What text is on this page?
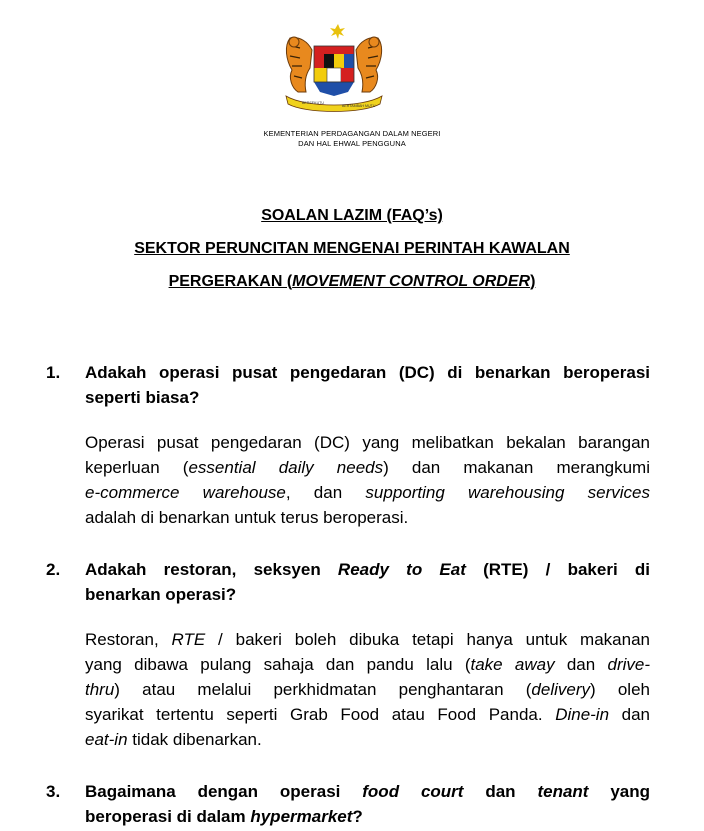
BERSEKUTU
BERTAMBAH MUTU
KEMENTERIAN PERDAGANGAN DALAM NEGERI
DAN HAL EHWAL PENGGUNA
SOALAN LAZIM (FAQ’s)
SEKTOR PERUNCITAN MENGENAI PERINTAH KAWALAN
PERGERAKAN (MOVEMENT CONTROL ORDER)
1.	Adakah operasi pusat pengedaran (DC) di benarkan beroperasi
seperti biasa?
Operasi pusat pengedaran (DC) yang melibatkan bekalan barangan
keperluan (essential daily needs) dan makanan merangkumi
e-commerce warehouse, dan supporting warehousing services
adalah di benarkan untuk terus beroperasi.
2.	Adakah restoran, seksyen Ready to Eat (RTE) / bakeri di
benarkan operasi?
Restoran, RTE / bakeri boleh dibuka tetapi hanya untuk makanan
yang dibawa pulang sahaja dan pandu lalu (take away dan drive-
thru) atau melalui perkhidmatan penghantaran (delivery) oleh
syarikat tertentu seperti Grab Food atau Food Panda. Dine-in dan
eat-in tidak dibenarkan.
3.	Bagaimana dengan operasi food court dan tenant yang
beroperasi di dalam hypermarket?
